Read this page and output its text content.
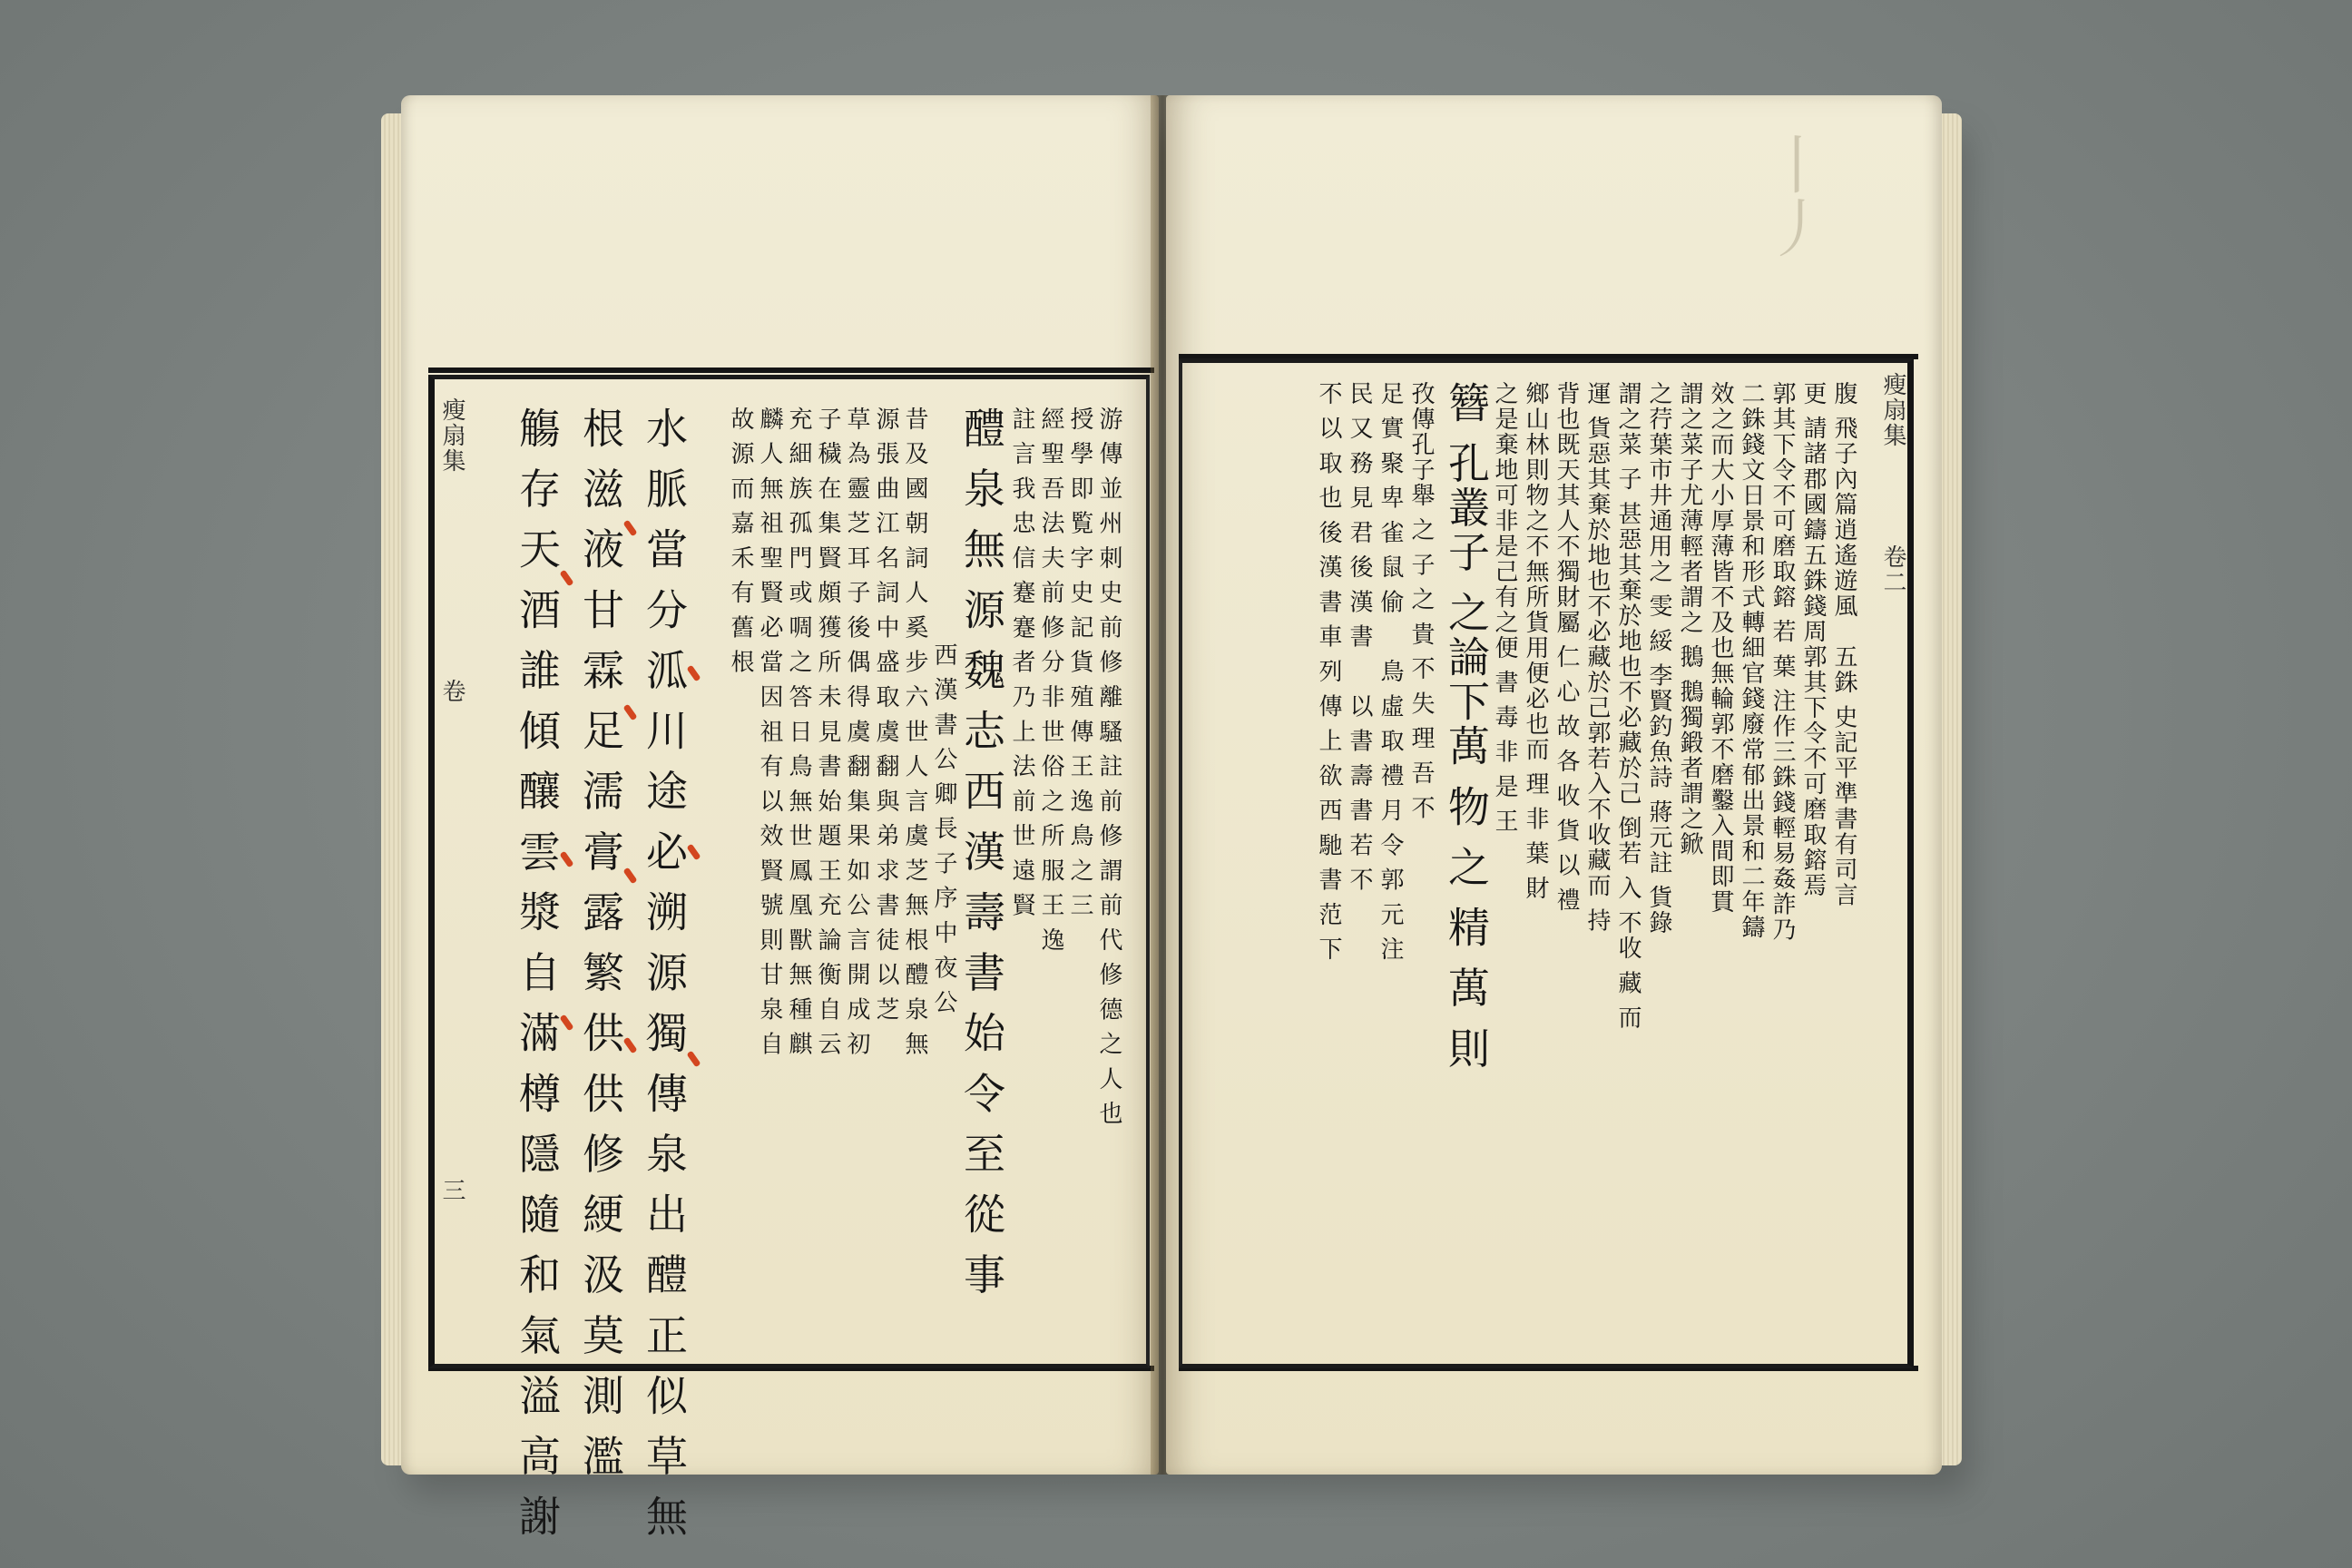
瘦扇集
卷
三
游 傳 並 州 刺 史 前 修 離 騷 註 前 修 謂 前 代 修 德 之 人 也
授 學 即 覧 字 史 記 貨 殖 傳 王 逸 鳥 之 三
經 聖 吾 法 夫 前 修 分 非 世 俗 之 所 服 王 逸
註 言 我 忠 信 蹇 蹇 者 乃 上 法 前 世 遠 賢
醴 泉 無 源 魏 志 西 漢 壽 書 始 令 至 從 事
西 漢 書 公 卿 長 子 序 中 夜 公
昔 及 國 朝 詞 人 奚 步 六 世 人 言 虞 芝 無 根 醴 泉 無
源 張 曲 江 名 詞 中 盛 取 虞 翻 與 弟 求 書 徒 以 芝
草 為 靈 芝 耳 子 後 偶 得 虞 翻 集 果 如 公 言 開 成 初
子 穢 在 集 賢 頗 獲 所 未 見 書 始 題 王 充 論 衡 自 云
充 細 族 孤 門 或 啁 之 答 日 鳥 無 世 鳳 凰 獸 無 種 麒
麟 人 無 祖 聖 賢 必 當 因 祖 有 以 效 賢 號 則 甘 泉 自
故 源 而 嘉 禾 有 舊 根
水 脈 當 分 泒 川 途 必 溯 源 獨 傳 泉 出 醴 正 似 草 無
根 滋 液 甘 霖 足 濡 膏 露 繁 供 供 修 綆 汲 莫 測 濫
觴 存 天 酒 誰 傾 釀 雲 漿 自 滿 樽 隱 隨 和 氣 溢 高 謝
丨丿
瘦扇集
卷二
腹 飛子內篇逍遙遊風　五銖 史記平準書有司言
更 請諸郡國鑄五銖錢周郭其下令不可磨取鎔焉
郭其下令不可磨取鎔 若 葉 注作三銖錢輕易姦詐乃
二銖錢文日景和形式轉細官錢廢常郁出景和二年鑄
效之而大小厚薄皆不及也無輪郭不磨鑿入間即貫
謂之菜子尤薄輕者謂之 鵝 鵝獨鍛者謂之鍁
之荇葉市井通用之 雯 綏 李賢釣魚詩 蔣元註 貨錄
謂之菜 子 甚惡其棄於地也不必藏於己 倒若 入 不收 藏 而
運 貨惡其棄於地也不必藏於己郭若入不收藏而 持
背也既天其人不獨財屬 仁 心 故 各 收 貨 以 禮
鄉山林則物之不無所貨用便必也而 理 非 葉 財
之是棄地可非是己有之便 書 毒 非 是 王
簪 孔叢子 之論下萬 物 之 精 萬 則
孜傳孔子舉 之 子 之 貴 不 失 理 吾 不
足 實 聚 卑 雀 鼠 偷 　 鳥 虛 取 禮 月 令 郭 元 注
民 又 務 見 君 後 漢 書 　 以 書 壽 書 若 不
不 以 取 也 後 漢 書 車 列 傳 上 欲 西 馳 書 范 下
